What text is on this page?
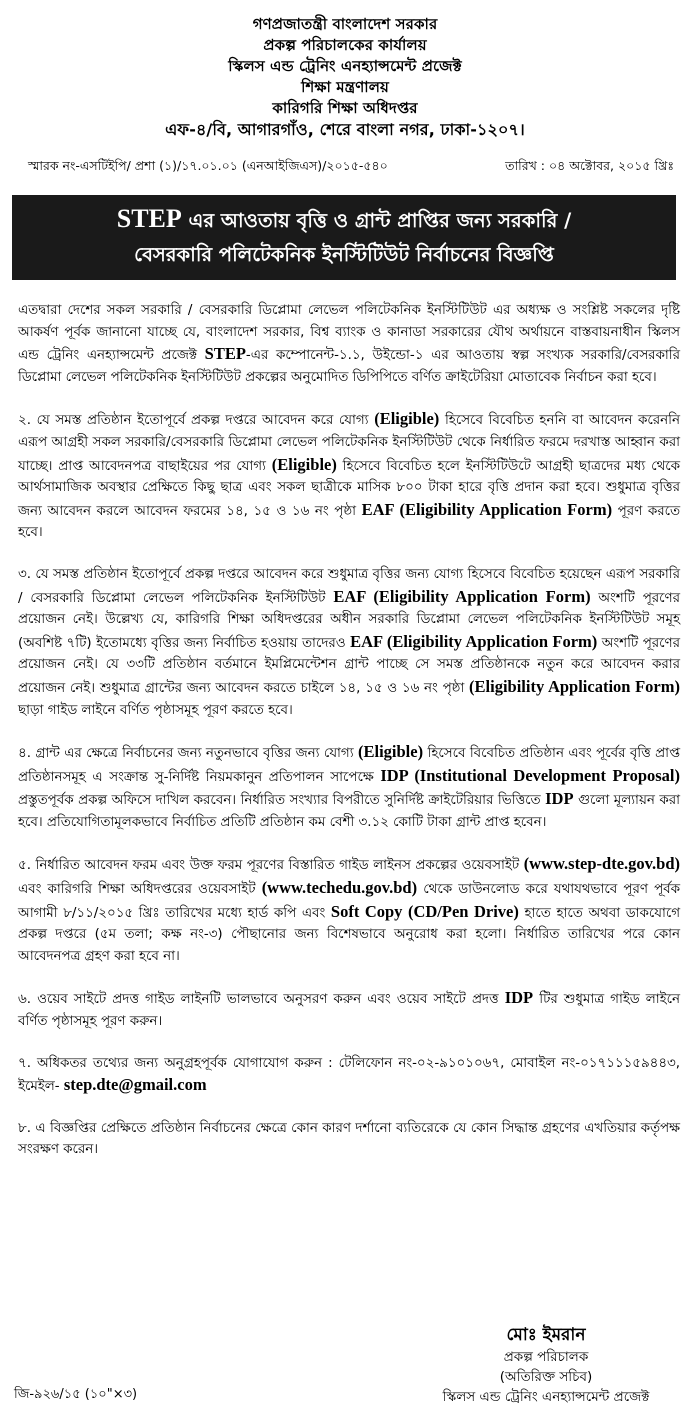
গণপ্রজাতন্ত্রী বাংলাদেশ সরকার
প্রকল্প পরিচালকের কার্যালয়
স্কিলস এন্ড ট্রেনিং এনহ্যান্সমেন্ট প্রজেক্ট
শিক্ষা মন্ত্রণালয়
কারিগরি শিক্ষা অধিদপ্তর
এফ-৪/বি, আগারগাঁও, শেরে বাংলা নগর, ঢাকা-১২০৭।
স্মারক নং-এসটিইপি/ প্রশা (১)/১৭.০১.০১ (এনআইজিএস)/২০১৫-৫৪০	তারিখ : ০৪ অক্টোবর, ২০১৫ খ্রিঃ
STEP এর আওতায় বৃত্তি ও গ্রান্ট প্রাপ্তির জন্য সরকারি /
বেসরকারি পলিটেকনিক ইনস্টিটিউট নির্বাচনের বিজ্ঞপ্তি

এতদ্বারা দেশের সকল সরকারি / বেসরকারি ডিপ্লোমা লেভেল পলিটেকনিক ইনস্টিটিউট এর অধ্যক্ষ ও সংশ্লিষ্ট সকলের দৃষ্টি আকর্ষণ পূর্বক জানানো যাচ্ছে যে, বাংলাদেশ সরকার, বিশ্ব ব্যাংক ও কানাডা সরকারের যৌথ অর্থায়নে বাস্তবায়নাধীন স্কিলস এন্ড ট্রেনিং এনহ্যান্সমেন্ট প্রজেক্ট STEP-এর কম্পোনেন্ট-১.১, উইন্ডো-১ এর আওতায় স্বল্প সংখ্যক সরকারি/বেসরকারি ডিপ্লোমা লেভেল পলিটেকনিক ইনস্টিটিউট প্রকল্পের অনুমোদিত ডিপিপিতে বর্ণিত ক্রাইটেরিয়া মোতাবেক নির্বাচন করা হবে।

২. যে সমস্ত প্রতিষ্ঠান ইতোপূর্বে প্রকল্প দপ্তরে আবেদন করে যোগ্য (Eligible) হিসেবে বিবেচিত হননি বা আবেদন করেননি এরূপ আগ্রহী সকল সরকারি/বেসরকারি ডিপ্লোমা লেভেল পলিটেকনিক ইনস্টিটিউট থেকে নির্ধারিত ফরমে দরখাস্ত আহ্বান করা যাচ্ছে। প্রাপ্ত আবেদনপত্র বাছাইয়ের পর যোগ্য (Eligible) হিসেবে বিবেচিত হলে ইনস্টিটিউটে আগ্রহী ছাত্রদের মধ্য থেকে আর্থসামাজিক অবস্থার প্রেক্ষিতে কিছু ছাত্র এবং সকল ছাত্রীকে মাসিক ৮০০ টাকা হারে বৃত্তি প্রদান করা হবে। শুধুমাত্র বৃত্তির জন্য আবেদন করলে আবেদন ফরমের ১৪, ১৫ ও ১৬ নং পৃষ্ঠা EAF (Eligibility Application Form) পূরণ করতে হবে।

৩. যে সমস্ত প্রতিষ্ঠান ইতোপূর্বে প্রকল্প দপ্তরে আবেদন করে শুধুমাত্র বৃত্তির জন্য যোগ্য হিসেবে বিবেচিত হয়েছেন এরূপ সরকারি / বেসরকারি ডিপ্লোমা লেভেল পলিটেকনিক ইনস্টিটিউট EAF (Eligibility Application Form) অংশটি পূরণের প্রয়োজন নেই। উল্লেখ্য যে, কারিগরি শিক্ষা অধিদপ্তরের অধীন সরকারি ডিপ্লোমা লেভেল পলিটেকনিক ইনস্টিটিউট সমূহ (অবশিষ্ট ৭টি) ইতোমধ্যে বৃত্তির জন্য নির্বাচিত হওয়ায় তাদেরও EAF (Eligibility Application Form) অংশটি পূরণের প্রয়োজন নেই। যে ৩৩টি প্রতিষ্ঠান বর্তমানে ইমপ্লিমেন্টেশন গ্রান্ট পাচ্ছে সে সমস্ত প্রতিষ্ঠানকে নতুন করে আবেদন করার প্রয়োজন নেই। শুধুমাত্র গ্রান্টের জন্য আবেদন করতে চাইলে ১৪, ১৫ ও ১৬ নং পৃষ্ঠা (Eligibility Application Form) ছাড়া গাইড লাইনে বর্ণিত পৃষ্ঠাসমূহ পূরণ করতে হবে।

৪. গ্রান্ট এর ক্ষেত্রে নির্বাচনের জন্য নতুনভাবে বৃত্তির জন্য যোগ্য (Eligible) হিসেবে বিবেচিত প্রতিষ্ঠান এবং পূর্বের বৃত্তি প্রাপ্ত প্রতিষ্ঠানসমূহ এ সংক্রান্ত সু-নির্দিষ্ট নিয়মকানুন প্রতিপালন সাপেক্ষে IDP (Institutional Development Proposal) প্রস্তুতপূর্বক প্রকল্প অফিসে দাখিল করবেন। নির্ধারিত সংখ্যার বিপরীতে সুনির্দিষ্ট ক্রাইটেরিয়ার ভিত্তিতে IDP গুলো মূল্যায়ন করা হবে। প্রতিযোগিতামূলকভাবে নির্বাচিত প্রতিটি প্রতিষ্ঠান কম বেশী ৩.১২ কোটি টাকা গ্রান্ট প্রাপ্ত হবেন।

৫. নির্ধারিত আবেদন ফরম এবং উক্ত ফরম পূরণের বিস্তারিত গাইড লাইনস প্রকল্পের ওয়েবসাইট (www.step-dte.gov.bd) এবং কারিগরি শিক্ষা অধিদপ্তরের ওয়েবসাইট (www.techedu.gov.bd) থেকে ডাউনলোড করে যথাযথভাবে পূরণ পূর্বক আগামী ৮/১১/২০১৫ খ্রিঃ তারিখের মধ্যে হার্ড কপি এবং Soft Copy (CD/Pen Drive) হাতে হাতে অথবা ডাকযোগে প্রকল্প দপ্তরে (৫ম তলা; কক্ষ নং-৩) পৌছানোর জন্য বিশেষভাবে অনুরোধ করা হলো। নির্ধারিত তারিখের পরে কোন আবেদনপত্র গ্রহণ করা হবে না।

৬. ওয়েব সাইটে প্রদত্ত গাইড লাইনটি ভালভাবে অনুসরণ করুন এবং ওয়েব সাইটে প্রদত্ত IDP টির শুধুমাত্র গাইড লাইনে বর্ণিত পৃষ্ঠাসমূহ পূরণ করুন।

৭. অধিকতর তথ্যের জন্য অনুগ্রহপূর্বক যোগাযোগ করুন : টেলিফোন নং-০২-৯১০১০৬৭, মোবাইল নং-০১৭১১১৫৯৪৪৩, ইমেইল- step.dte@gmail.com

৮. এ বিজ্ঞপ্তির প্রেক্ষিতে প্রতিষ্ঠান নির্বাচনের ক্ষেত্রে কোন কারণ দর্শানো ব্যতিরেকে যে কোন সিদ্ধান্ত গ্রহণের এখতিয়ার কর্তৃপক্ষ সংরক্ষণ করেন।

মোঃ ইমরান
প্রকল্প পরিচালক
(অতিরিক্ত সচিব)
স্কিলস এন্ড ট্রেনিং এনহ্যান্সমেন্ট প্রজেক্ট
জি-৯২৬/১৫ (১০"×৩)
